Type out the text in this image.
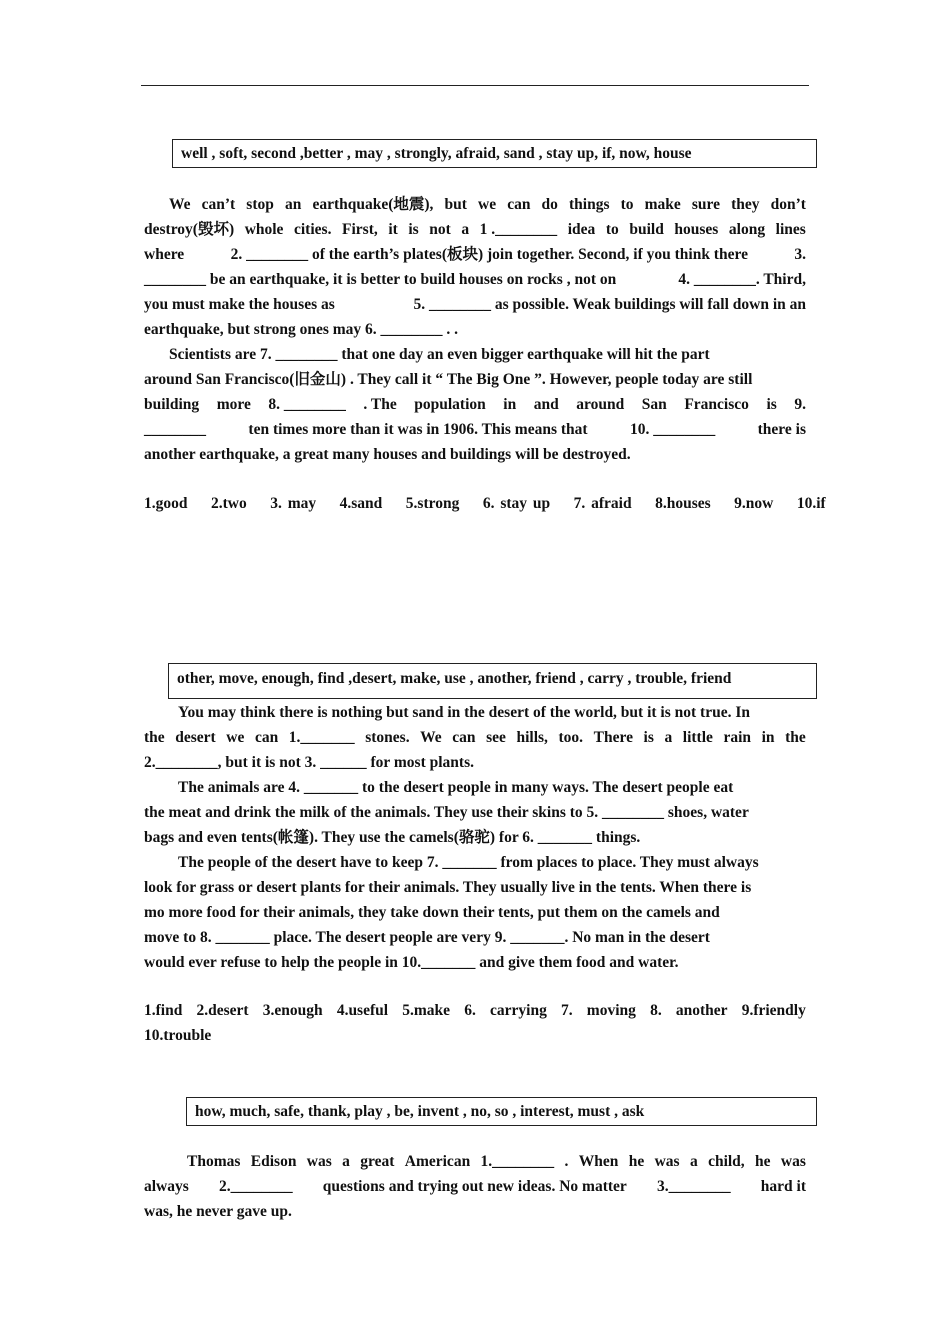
well , soft, second ,better , may , strongly, afraid, sand , stay up, if, now, house
We can’t stop an earthquake(地震), but we can do things to make sure they don’t
destroy(毁坏) whole cities. First, it is not a 1 .________ idea to build houses along lines
where	2. ________ of the earth’s plates(板块) join together. Second, if you think there	3.
________ be an earthquake, it is better to build houses on rocks , not on	4. ________. Third,
you must make the houses as	5. ________ as possible. Weak buildings will fall down in an
earthquake, but strong ones may 6. ________ . .
Scientists are 7. ________ that one day an even bigger earthquake will hit the part
around San Francisco(旧金山) . They call it “ The Big One ”. However, people today are still
building more 8. ________ . The population in and around San Francisco is 9.
________	ten times more than it was in 1906. This means that	10. ________	there is
another earthquake, a great many houses and buildings will be destroyed.
1.good    2.two    3. may    4.sand    5.strong    6. stay up    7. afraid    8.houses    9.now    10.if
other, move, enough, find ,desert, make, use , another, friend , carry , trouble, friend
You may think there is nothing but sand in the desert of the world, but it is not true. In
the desert we can 1._______ stones. We can see hills, too. There is a little rain in the
2.________, but it is not 3. ______ for most plants.
The animals are 4. _______ to the desert people in many ways. The desert people eat
the meat and drink the milk of the animals. They use their skins to 5. ________ shoes, water
bags and even tents(帐篷). They use the camels(骆驼) for 6. _______ things.
The people of the desert have to keep 7. _______ from places to place. They must always
look for grass or desert plants for their animals. They usually live in the tents. When there is
mo more food for their animals, they take down their tents, put them on the camels and
move to 8. _______ place. The desert people are very 9. _______. No man in the desert
would ever refuse to help the people in 10._______ and give them food and water.
1.find 2.desert 3.enough 4.useful 5.make 6. carrying 7. moving 8. another 9.friendly
10.trouble
how, much, safe, thank, play , be, invent , no, so , interest, must , ask
Thomas Edison was a great American 1.________ . When he was a child, he was
always 2.________ questions and trying out new ideas. No matter 3.________ hard it
was, he never gave up.
